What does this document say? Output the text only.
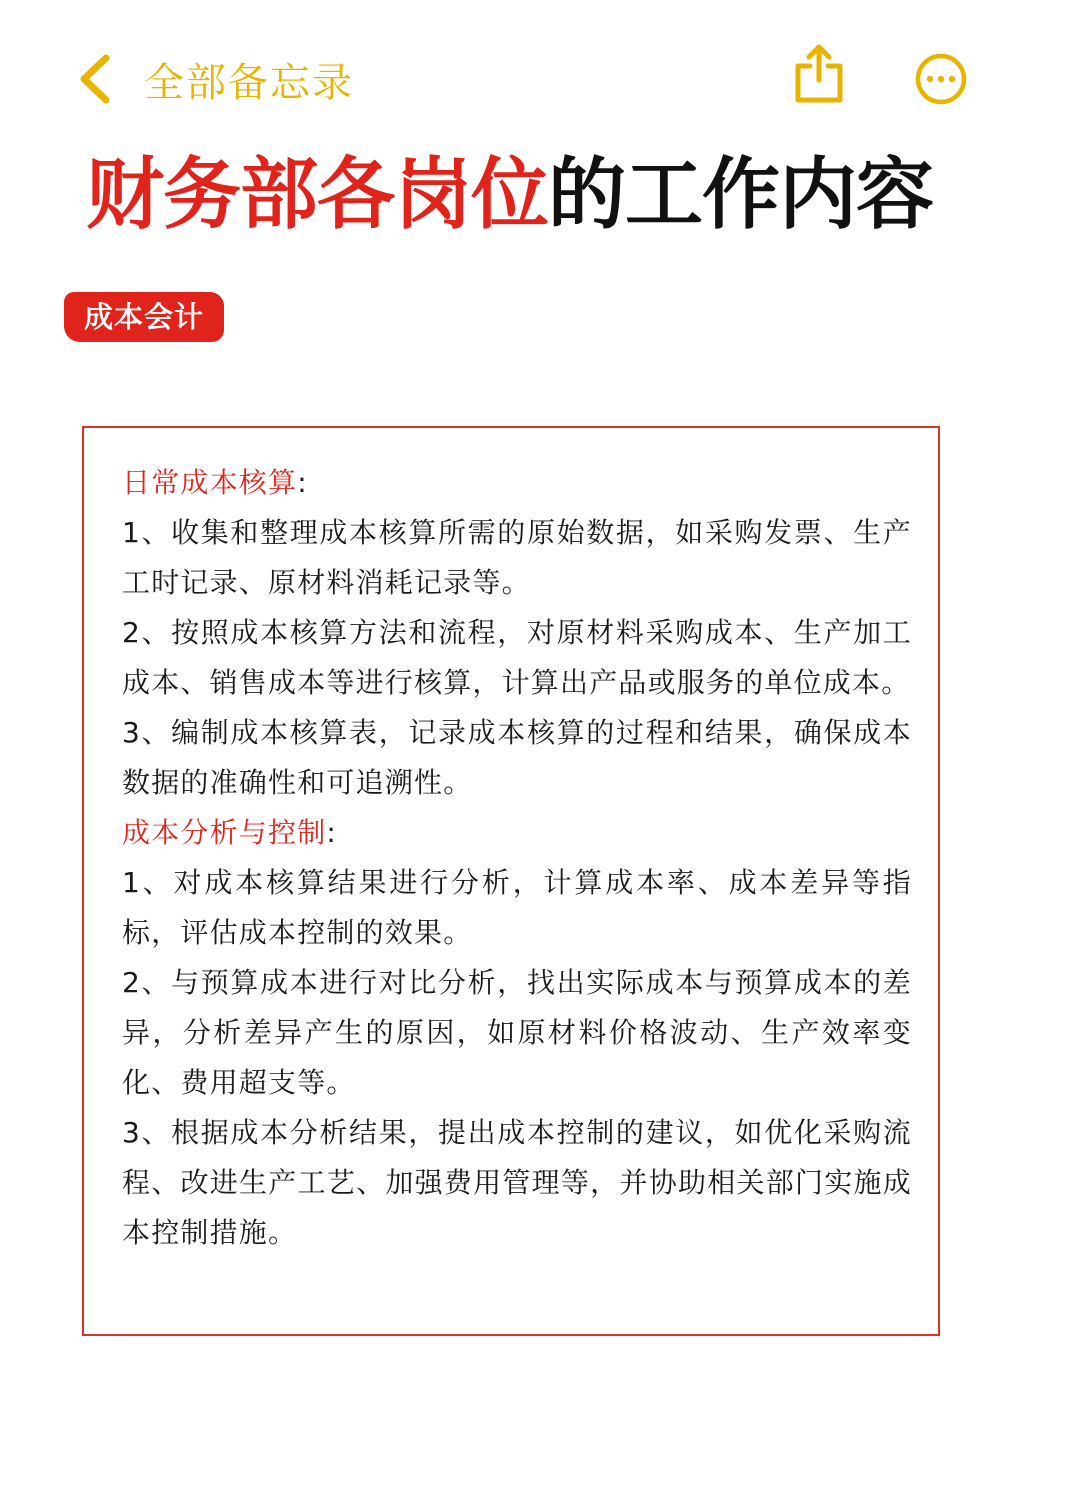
全部备忘录
财务部各岗位的工作内容
成本会计
日常成本核算:
1、收集和整理成本核算所需的原始数据，如采购发票、生产工时记录、原材料消耗记录等。
2、按照成本核算方法和流程，对原材料采购成本、生产加工成本、销售成本等进行核算，计算出产品或服务的单位成本。
3、编制成本核算表，记录成本核算的过程和结果，确保成本数据的准确性和可追溯性。
成本分析与控制:
1、对成本核算结果进行分析，计算成本率、成本差异等指标，评估成本控制的效果。
2、与预算成本进行对比分析，找出实际成本与预算成本的差异，分析差异产生的原因，如原材料价格波动、生产效率变化、费用超支等。
3、根据成本分析结果，提出成本控制的建议，如优化采购流程、改进生产工艺、加强费用管理等，并协助相关部门实施成本控制措施。
